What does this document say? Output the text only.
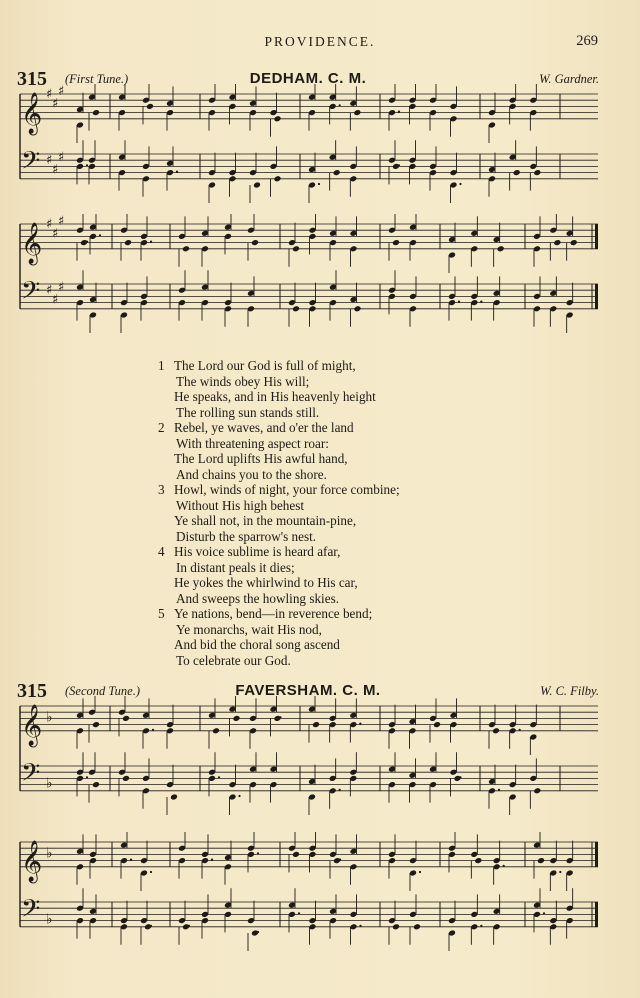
PROVIDENCE.	269
315 (First Tune.)	DEDHAM. C. M.	W. Gardner.
𝄞 ♯
♯
♯
𝄢 ♯
♯
♯
𝄞 ♯
♯
♯
𝄢 ♯
♯
♯
1 The Lord our God is full of might,
The winds obey His will;
He speaks, and in His heavenly height
The rolling sun stands still.
2 Rebel, ye waves, and o'er the land
With threatening aspect roar:
The Lord uplifts His awful hand,
And chains you to the shore.
3 Howl, winds of night, your force combine;
Without His high behest
Ye shall not, in the mountain-pine,
Disturb the sparrow's nest.
4 His voice sublime is heard afar,
In distant peals it dies;
He yokes the whirlwind to His car,
And sweeps the howling skies.
5 Ye nations, bend—in reverence bend;
Ye monarchs, wait His nod,
And bid the choral song ascend
To celebrate our God.
315 (Second Tune.)	FAVERSHAM. C. M.	W. C. Filby.
𝄞 ♭
𝄢 ♭
𝄞 ♭
𝄢 ♭
